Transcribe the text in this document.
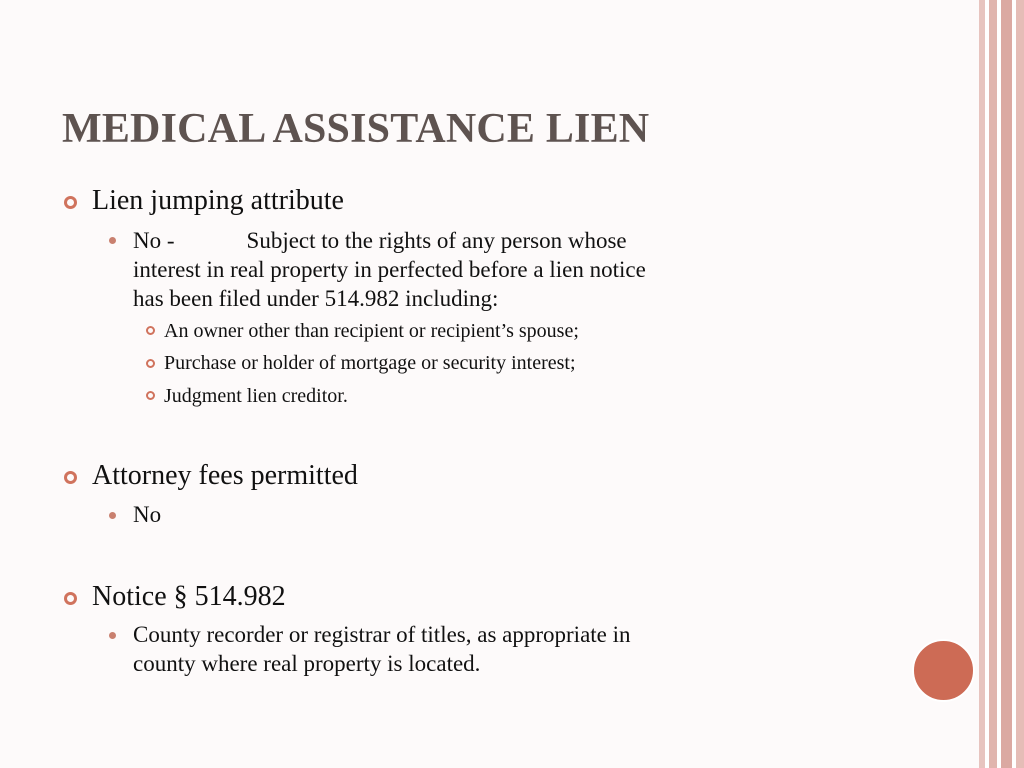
MEDICAL ASSISTANCE LIEN

Lien jumping attribute

No -	Subject to the rights of any person whose

interest in real property in perfected before a lien notice

has been filed under 514.982 including:

An owner other than recipient or recipient’s spouse;

Purchase or holder of mortgage or security interest;

Judgment lien creditor.

Attorney fees permitted

No

Notice § 514.982

County recorder or registrar of titles, as appropriate in

county where real property is located.
